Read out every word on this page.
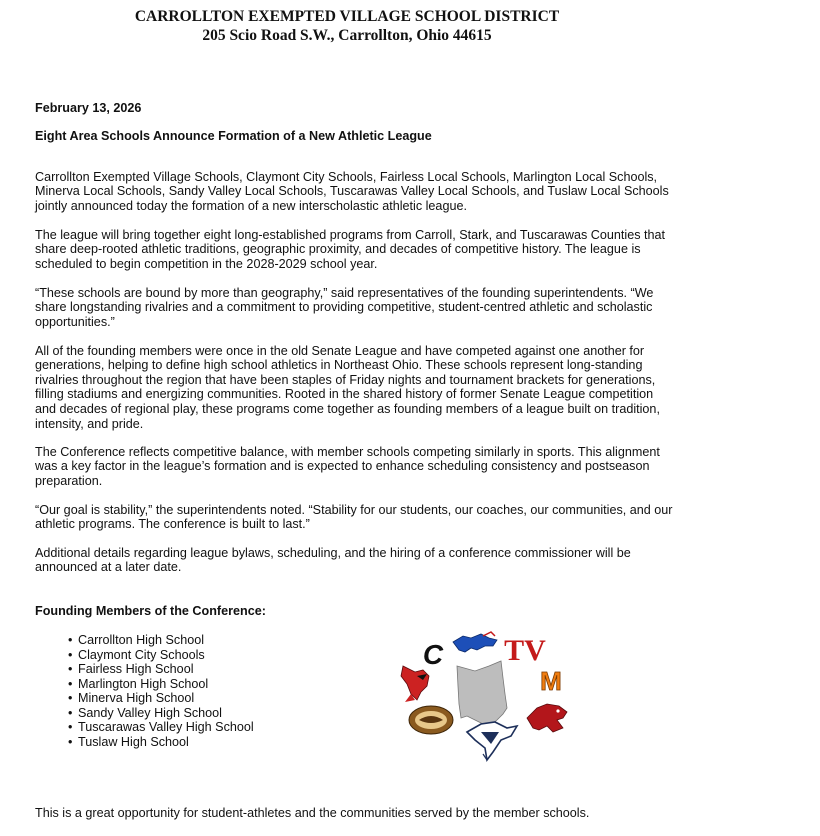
CARROLLTON EXEMPTED VILLAGE SCHOOL DISTRICT
205 Scio Road S.W., Carrollton, Ohio 44615
February 13, 2026
Eight Area Schools Announce Formation of a New Athletic League

Carrollton Exempted Village Schools, Claymont City Schools, Fairless Local Schools, Marlington Local Schools, Minerva Local Schools, Sandy Valley Local Schools, Tuscarawas Valley Local Schools, and Tuslaw Local Schools jointly announced today the formation of a new interscholastic athletic league.

The league will bring together eight long-established programs from Carroll, Stark, and Tuscarawas Counties that share deep-rooted athletic traditions, geographic proximity, and decades of competitive history. The league is scheduled to begin competition in the 2028-2029 school year.

“These schools are bound by more than geography,” said representatives of the founding superintendents. “We share longstanding rivalries and a commitment to providing competitive, student-centred athletic and scholastic opportunities.”

All of the founding members were once in the old Senate League and have competed against one another for generations, helping to define high school athletics in Northeast Ohio. These schools represent long-standing rivalries throughout the region that have been staples of Friday nights and tournament brackets for generations, filling stadiums and energizing communities. Rooted in the shared history of former Senate League competition and decades of regional play, these programs come together as founding members of a league built on tradition, intensity, and pride.

The Conference reflects competitive balance, with member schools competing similarly in sports. This alignment was a key factor in the league’s formation and is expected to enhance scheduling consistency and postseason preparation.

“Our goal is stability,” the superintendents noted. “Stability for our students, our coaches, our communities, and our athletic programs. The conference is built to last.”

Additional details regarding league bylaws, scheduling, and the hiring of a conference commissioner will be announced at a later date.

Founding Members of the Conference:
• Carrollton High School
• Claymont City Schools
• Fairless High School
• Marlington High School
• Minerva High School
• Sandy Valley High School
• Tuscarawas Valley High School
• Tuslaw High School
C TV
M
This is a great opportunity for student-athletes and the communities served by the member schools.
